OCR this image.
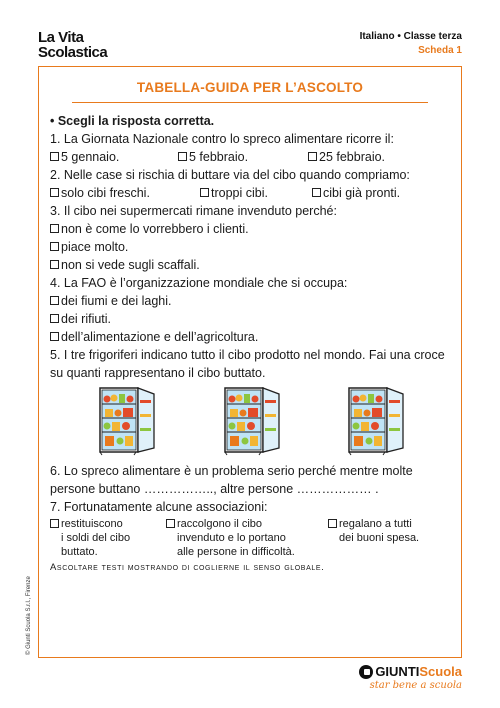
La Vita
Scolastica
Italiano • Classe terza
Scheda 1
TABELLA-GUIDA PER L’ASCOLTO

• Scegli la risposta corretta.

1. La Giornata Nazionale contro lo spreco alimentare ricorre il:

5 gennaio.	5 febbraio.	25 febbraio.

2. Nelle case si rischia di buttare via del cibo quando compriamo:

solo cibi freschi.	troppi cibi.	cibi già pronti.

3. Il cibo nei supermercati rimane invenduto perché:

non è come lo vorrebbero i clienti.
piace molto.
non si vede sugli scaffali.

4. La FAO è l’organizzazione mondiale che si occupa:

dei fiumi e dei laghi.
dei rifiuti.
dell’alimentazione e dell’agricoltura.

5. I tre frigoriferi indicano tutto il cibo prodotto nel mondo. Fai una croce su quanti rappresentano il cibo buttato.

6. Lo spreco alimentare è un problema serio perché mentre molte persone buttano …………….., altre persone ……………… .

7. Fortunatamente alcune associazioni:

restituiscono
i soldi del cibo
buttato.
raccolgono il cibo
invenduto e lo portano
alle persone in difficoltà.
regalano a tutti
dei buoni spesa.

Ascoltare testi mostrando di coglierne il senso globale.

© Giunti Scuola S.r.l., Firenze
GIUNTI Scuola
star bene a scuola
